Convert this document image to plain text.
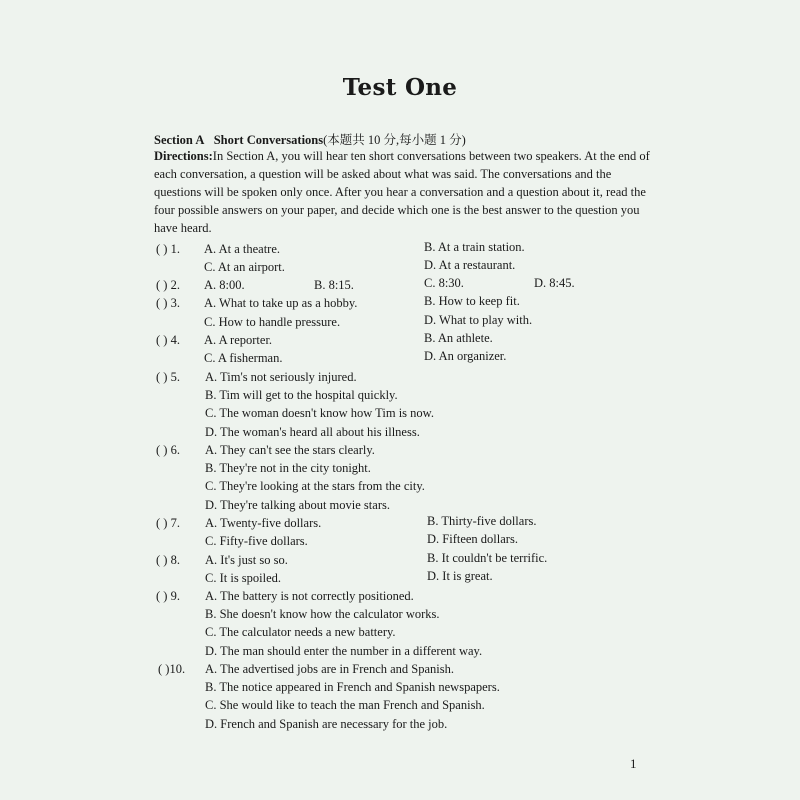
Test One
Section A Short Conversations(本题共 10 分,每小题 1 分)
Directions:In Section A, you will hear ten short conversations between two speakers. At the end of
each conversation, a question will be asked about what was said. The conversations and the
questions will be spoken only once. After you hear a conversation and a question about it, read the
four possible answers on your paper, and decide which one is the best answer to the question you
have heard.
( ) 1. A. At a theatre.	B. At a train station.
C. At an airport.	D. At a restaurant.
( ) 2. A. 8:00.	B. 8:15.	C. 8:30.	D. 8:45.
( ) 3. A. What to take up as a hobby.	B. How to keep fit.
C. How to handle pressure.	D. What to play with.
( ) 4. A. A reporter.	B. An athlete.
C. A fisherman.	D. An organizer.
( ) 5. A. Tim's not seriously injured.
B. Tim will get to the hospital quickly.
C. The woman doesn't know how Tim is now.
D. The woman's heard all about his illness.
( ) 6. A. They can't see the stars clearly.
B. They're not in the city tonight.
C. They're looking at the stars from the city.
D. They're talking about movie stars.
( ) 7. A. Twenty-five dollars.	B. Thirty-five dollars.
C. Fifty-five dollars.	D. Fifteen dollars.
( ) 8. A. It's just so so.	B. It couldn't be terrific.
C. It is spoiled.	D. It is great.
( ) 9. A. The battery is not correctly positioned.
B. She doesn't know how the calculator works.
C. The calculator needs a new battery.
D. The man should enter the number in a different way.
( )10. A. The advertised jobs are in French and Spanish.
B. The notice appeared in French and Spanish newspapers.
C. She would like to teach the man French and Spanish.
D. French and Spanish are necessary for the job.
1
